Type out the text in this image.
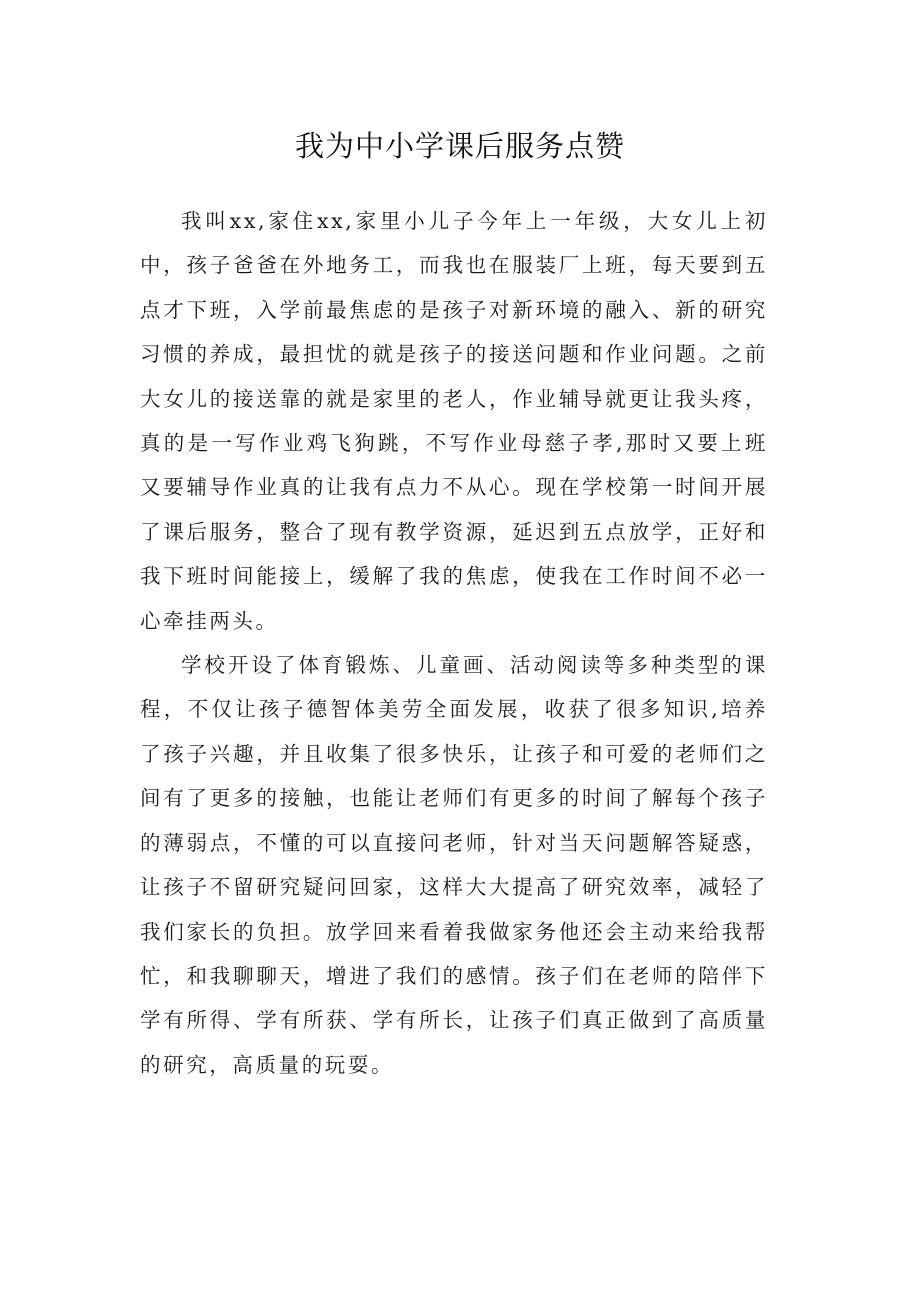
我为中小学课后服务点赞

我叫xx,家住xx,家里小儿子今年上一年级，大女儿上初中，孩子爸爸在外地务工，而我也在服装厂上班，每天要到五点才下班，入学前最焦虑的是孩子对新环境的融入、新的研究习惯的养成，最担忧的就是孩子的接送问题和作业问题。之前大女儿的接送靠的就是家里的老人，作业辅导就更让我头疼，真的是一写作业鸡飞狗跳，不写作业母慈子孝,那时又要上班又要辅导作业真的让我有点力不从心。现在学校第一时间开展了课后服务，整合了现有教学资源，延迟到五点放学，正好和我下班时间能接上，缓解了我的焦虑，使我在工作时间不必一心牵挂两头。

学校开设了体育锻炼、儿童画、活动阅读等多种类型的课程，不仅让孩子德智体美劳全面发展，收获了很多知识,培养了孩子兴趣，并且收集了很多快乐，让孩子和可爱的老师们之间有了更多的接触，也能让老师们有更多的时间了解每个孩子的薄弱点，不懂的可以直接问老师，针对当天问题解答疑惑，让孩子不留研究疑问回家，这样大大提高了研究效率，减轻了我们家长的负担。放学回来看着我做家务他还会主动来给我帮忙，和我聊聊天，增进了我们的感情。孩子们在老师的陪伴下学有所得、学有所获、学有所长，让孩子们真正做到了高质量的研究，高质量的玩耍。
